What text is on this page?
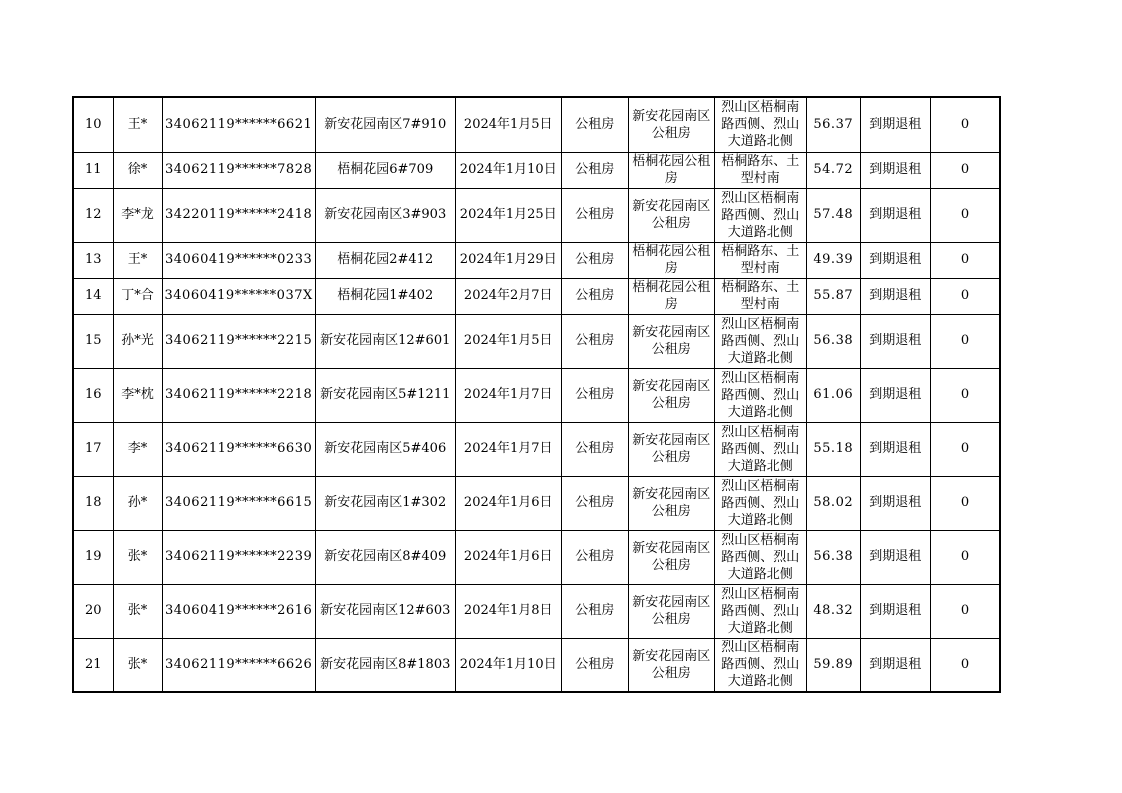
10	王*	34062119******6621	新安花园南区7#910	2024年1月5日	公租房	新安花园南区公租房	烈山区梧桐南路西侧、烈山大道路北侧	56.37	到期退租	0
11	徐*	34062119******7828	梧桐花园6#709	2024年1月10日	公租房	梧桐花园公租房	梧桐路东、土型村南	54.72	到期退租	0
12	李*龙	34220119******2418	新安花园南区3#903	2024年1月25日	公租房	新安花园南区公租房	烈山区梧桐南路西侧、烈山大道路北侧	57.48	到期退租	0
13	王*	34060419******0233	梧桐花园2#412	2024年1月29日	公租房	梧桐花园公租房	梧桐路东、土型村南	49.39	到期退租	0
14	丁*合	34060419******037X	梧桐花园1#402	2024年2月7日	公租房	梧桐花园公租房	梧桐路东、土型村南	55.87	到期退租	0
15	孙*光	34062119******2215	新安花园南区12#601	2024年1月5日	公租房	新安花园南区公租房	烈山区梧桐南路西侧、烈山大道路北侧	56.38	到期退租	0
16	李*枕	34062119******2218	新安花园南区5#1211	2024年1月7日	公租房	新安花园南区公租房	烈山区梧桐南路西侧、烈山大道路北侧	61.06	到期退租	0
17	李*	34062119******6630	新安花园南区5#406	2024年1月7日	公租房	新安花园南区公租房	烈山区梧桐南路西侧、烈山大道路北侧	55.18	到期退租	0
18	孙*	34062119******6615	新安花园南区1#302	2024年1月6日	公租房	新安花园南区公租房	烈山区梧桐南路西侧、烈山大道路北侧	58.02	到期退租	0
19	张*	34062119******2239	新安花园南区8#409	2024年1月6日	公租房	新安花园南区公租房	烈山区梧桐南路西侧、烈山大道路北侧	56.38	到期退租	0
20	张*	34060419******2616	新安花园南区12#603	2024年1月8日	公租房	新安花园南区公租房	烈山区梧桐南路西侧、烈山大道路北侧	48.32	到期退租	0
21	张*	34062119******6626	新安花园南区8#1803	2024年1月10日	公租房	新安花园南区公租房	烈山区梧桐南路西侧、烈山大道路北侧	59.89	到期退租	0
